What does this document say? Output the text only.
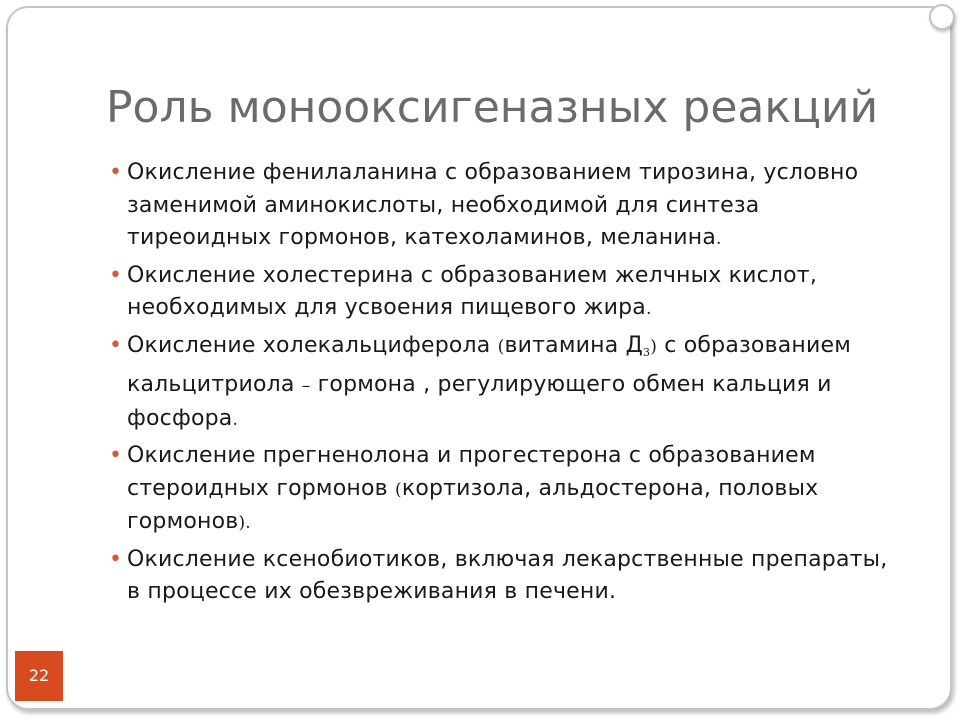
Роль монооксигеназных реакций
• Окисление фенилаланина с образованием тирозина, условно заменимой аминокислоты, необходимой для синтеза тиреоидных гормонов, катехоламинов, меланина.
• Окисление холестерина с образованием желчных кислот, необходимых для усвоения пищевого жира.
• Окисление холекальциферола (витамина $Д_3$) с образованием кальцитриола – гормона , регулирующего обмен кальция и фосфора.
• Окисление прегненолона и прогестерона с образованием стероидных гормонов (кортизола, альдостерона, половых гормонов).
• Окисление ксенобиотиков, включая лекарственные препараты, в процессе их обезвреживания в печени.
22
